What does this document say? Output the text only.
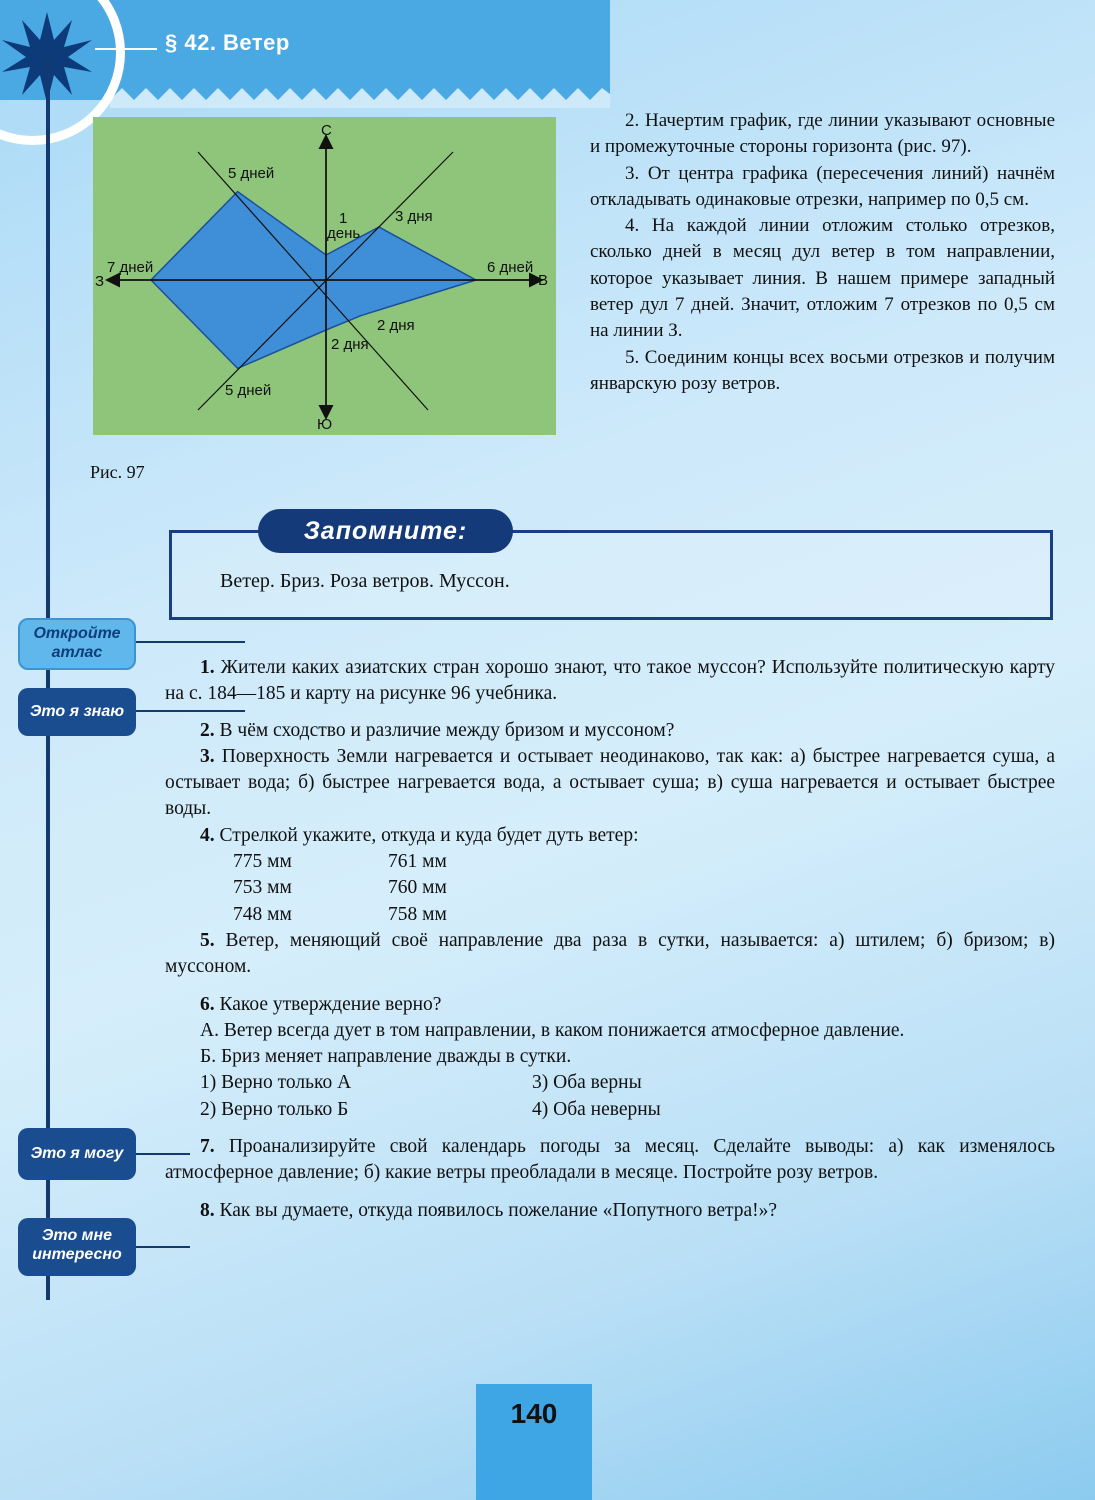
§ 42. Ветер
Откройте атлас
Это я знаю
Это я могу
Это мне интересно
С
Ю
В
З
1
день
3 дня
6 дней
2 дня
2 дня
5 дней
7 дней
5 дней
Рис. 97

2. Начертим график, где линии указывают основные и промежуточные стороны горизонта (рис. 97).

3. От центра графика (пересечения линий) начнём откладывать одинаковые отрезки, например по 0,5 см.

4. На каждой линии отложим столько отрезков, сколько дней в месяц дул ветер в том направлении, которое указывает линия. В нашем примере западный ветер дул 7 дней. Значит, отложим 7 отрезков по 0,5 см на линии З.

5. Соединим концы всех восьми отрезков и получим январскую розу ветров.

Запомните:
Ветер. Бриз. Роза ветров. Муссон.

1. Жители каких азиатских стран хорошо знают, что такое муссон? Используйте политическую карту на с. 184—185 и карту на рисунке 96 учебника.

2. В чём сходство и различие между бризом и муссоном?

3. Поверхность Земли нагревается и остывает неодинаково, так как: а) быстрее нагревается суша, а остывает вода; б) быстрее нагревается вода, а остывает суша; в) суша нагревается и остывает быстрее воды.

4. Стрелкой укажите, откуда и куда будет дуть ветер:

775 мм	761 мм
753 мм	760 мм
748 мм	758 мм

5. Ветер, меняющий своё направление два раза в сутки, называется: а) штилем; б) бризом; в) муссоном.

6. Какое утверждение верно?

А. Ветер всегда дует в том направлении, в каком понижается атмосферное давление.

Б. Бриз меняет направление дважды в сутки.

1) Верно только А	3) Оба верны
2) Верно только Б	4) Оба неверны

7. Проанализируйте свой календарь погоды за месяц. Сделайте выводы: а) как изменялось атмосферное давление; б) какие ветры преобладали в месяце. Постройте розу ветров.

8. Как вы думаете, откуда появилось пожелание «Попутного ветра!»?

140
